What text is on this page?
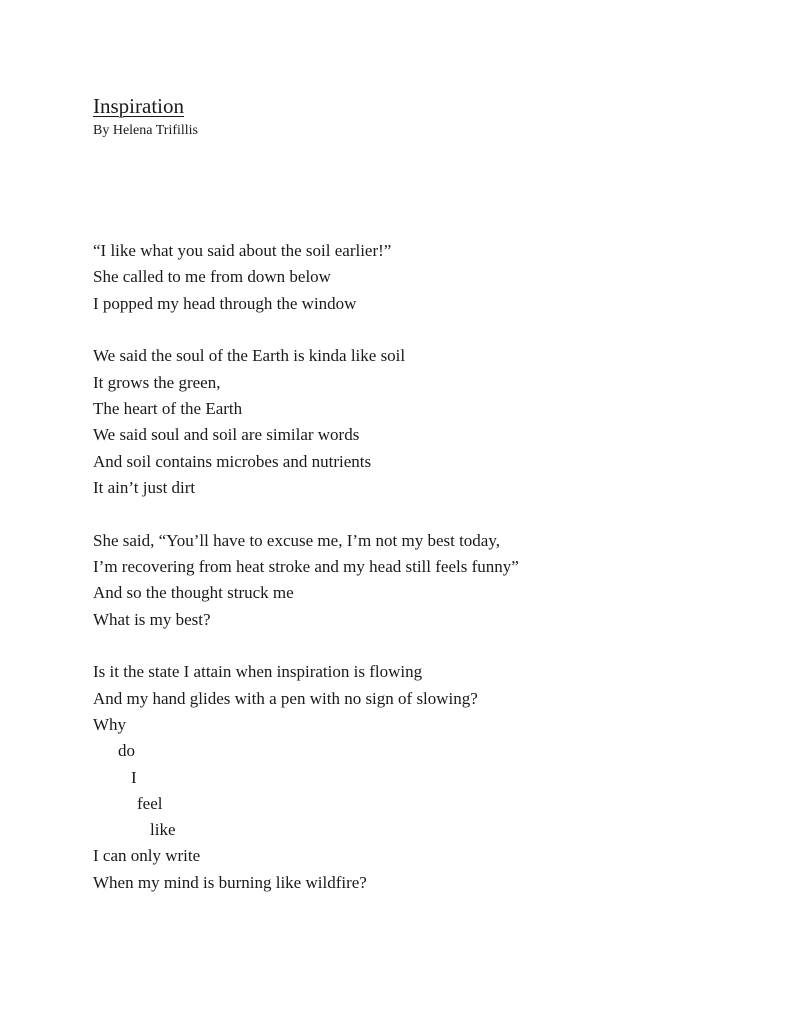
Inspiration
By Helena Trifillis
“I like what you said about the soil earlier!”
She called to me from down below
I popped my head through the window
We said the soul of the Earth is kinda like soil
It grows the green,
The heart of the Earth
We said soul and soil are similar words
And soil contains microbes and nutrients
It ain’t just dirt
She said, “You’ll have to excuse me, I’m not my best today,
I’m recovering from heat stroke and my head still feels funny”
And so the thought struck me
What is my best?
Is it the state I attain when inspiration is flowing
And my hand glides with a pen with no sign of slowing?
Why
do
I
feel
like
I can only write
When my mind is burning like wildfire?
